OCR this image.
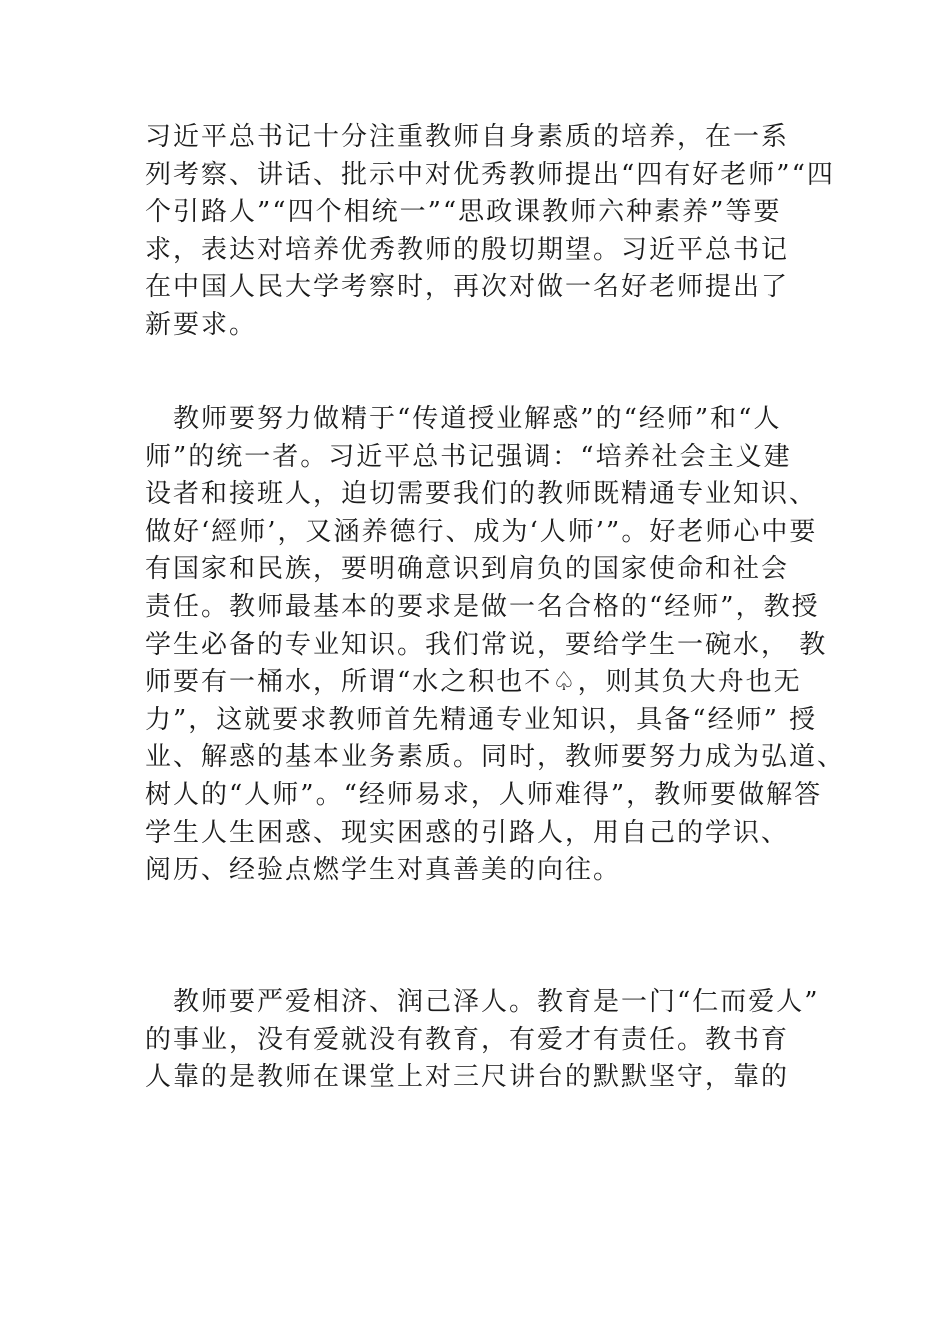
习近平总书记十分注重教师自身素质的培养，在一系
列考察、讲话、批示中对优秀教师提出“四有好老师”“四
个引路人”“四个相统一”“思政课教师六种素养”等要
求，表达对培养优秀教师的殷切期望。习近平总书记
在中国人民大学考察时，再次对做一名好老师提出了
新要求。
　教师要努力做精于“传道授业解惑”的“经师”和“人
师”的统一者。习近平总书记强调：“培养社会主义建
设者和接班人，迫切需要我们的教师既精通专业知识、
做好‘經师’，又涵养德行、成为‘人师’”。好老师心中要
有国家和民族，要明确意识到肩负的国家使命和社会
责任。教师最基本的要求是做一名合格的“经师”，教授
学生必备的专业知识。我们常说，要给学生一碗水， 教
师要有一桶水，所谓“水之积也不♤，则其负大舟也无
力”，这就要求教师首先精通专业知识，具备“经师” 授
业、解惑的基本业务素质。同时，教师要努力成为弘道、
树人的“人师”。“经师易求，人师难得”，教师要做解答
学生人生困惑、现实困惑的引路人，用自己的学识、
阅历、经验点燃学生对真善美的向往。
　教师要严爱相济、润己泽人。教育是一门“仁而爱人”
的事业，没有爱就没有教育，有爱才有责任。教书育
人靠的是教师在课堂上对三尺讲台的默默坚守，靠的
